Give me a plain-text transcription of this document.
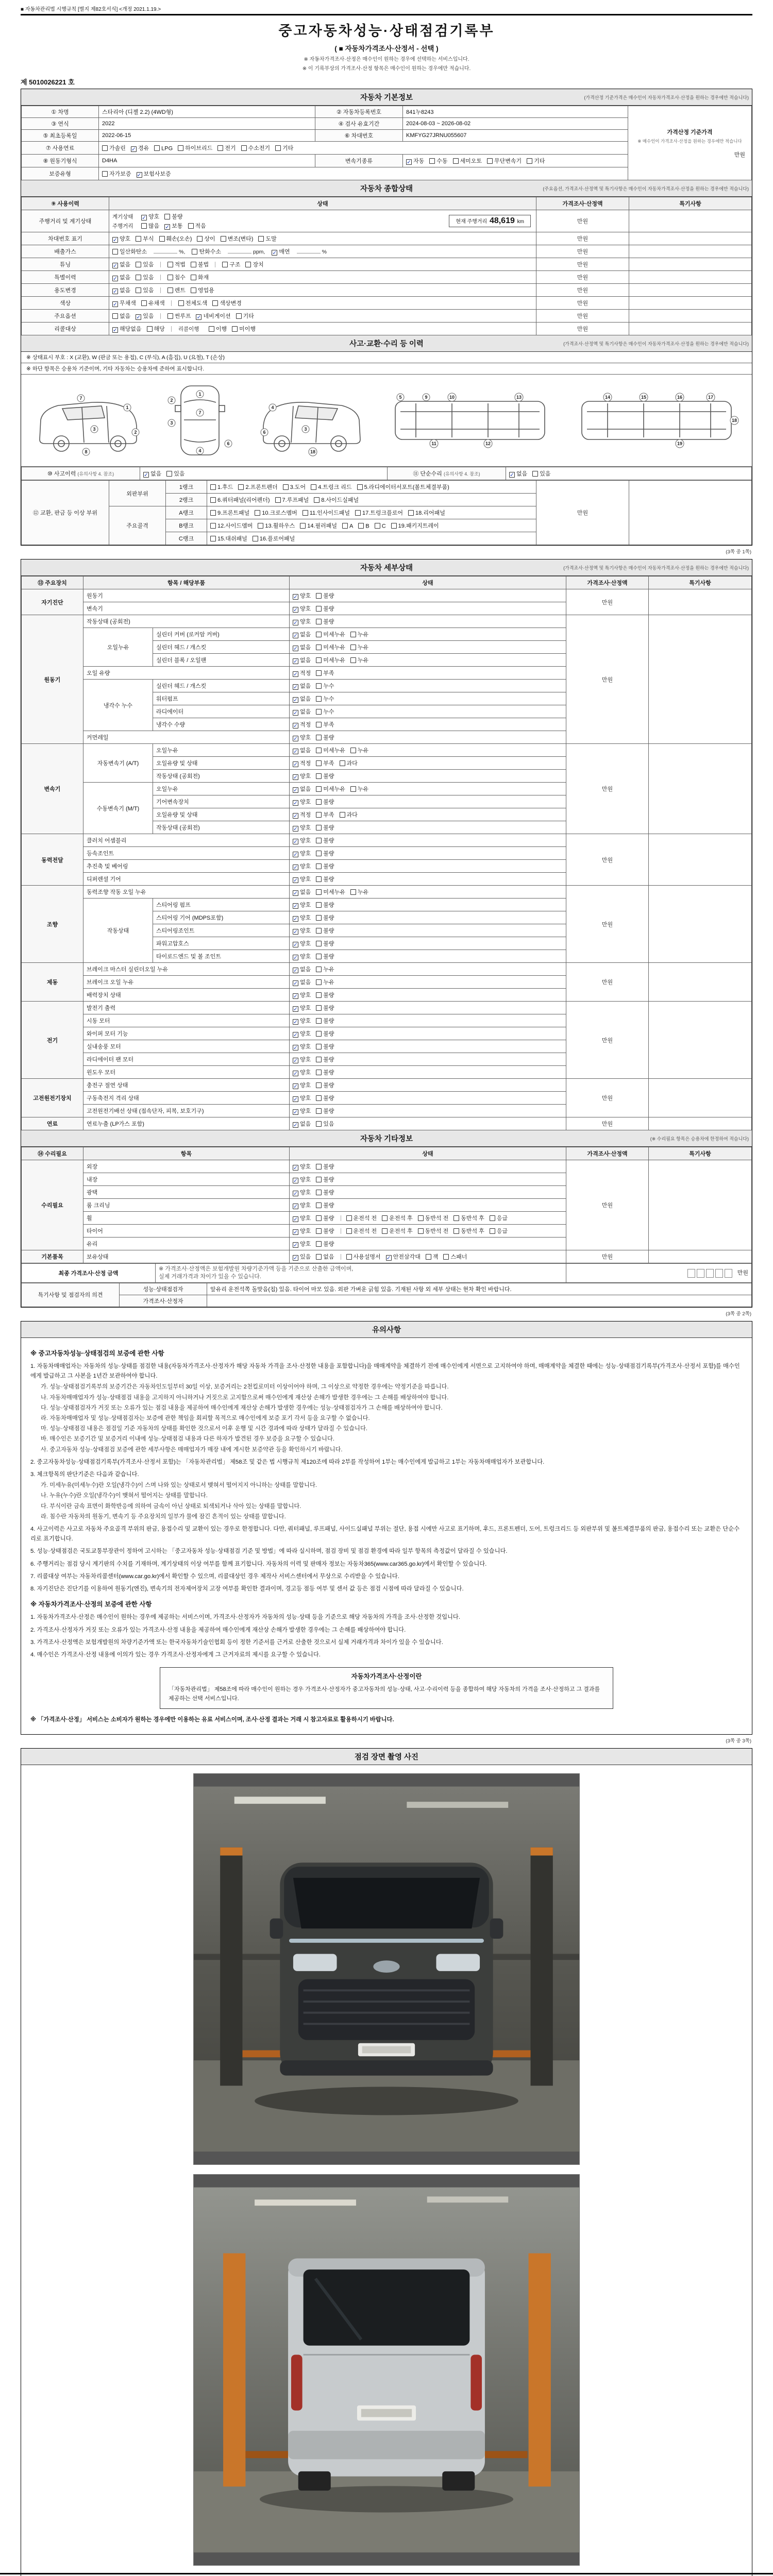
■ 자동차관리법 시행규칙 [별지 제82호서식] <개정 2021.1.19.>
중고자동차성능·상태점검기록부
( ■ 자동차가격조사·산정서 - 선택 )
※ 자동차가격조사·산정은 매수인이 원하는 경우에 선택하는 서비스입니다.
※ 이 기록부상의 가격조사·산정 항목은 매수인이 원하는 경우에만 적습니다.
제 5010026221 호
자동차 기본정보	(가격산정 기준가격은 매수인이 자동차가격조사·산정을 원하는 경우에만 적습니다)
① 차명	스타리아 (디젤 2.2) (4WD형)	② 자동차등록번호	841누8243	가격산정 기준가격
※ 매수인이 가격조사·산정을 원하는 경우에만 적습니다
만원

③ 연식	2022	④ 검사 유효기간	2024-08-03 ~ 2026-08-02	
⑤ 최초등록일	2022-06-15	⑥ 차대번호	KMFYG27JRNU055607	
⑦ 사용연료	가솔린 ✓ 경유 LPG 하이브리드 전기 수소전기 기타			
⑧ 원동기형식	D4HA	변속기종류	✓ 자동 수동 세미오토 무단변속기 기타	
보증유형	자가보증 ✓ 보험사보증			
자동차 종합상태	(주요옵션, 가격조사·산정액 및 특기사항은 매수인이 자동차가격조사·산정을 원하는 경우에만 적습니다)
⑨ 사용이력	상태	가격조사·산정액	특기사항
주행거리 및 계기상태	계기상태 ✓ 양호 불량
주행거리 많음 ✓ 보통 적음
현재 주행거리 48,619 km	만원	
차대번호 표기	✓ 양호 부식 훼손(오손) 상이 변조(변타) 도말	만원	
배출가스	일산화탄소 %, 탄화수소 ppm, ✓ 매연 %	만원	
튜닝	✓ 없음 있음 적법 불법 구조 장치	만원	
특별이력	✓ 없음 있음 침수 화재	만원	
용도변경	✓ 없음 있음 렌트 영업용	만원	
색상	✓ 무채색 유채색 전체도색 색상변경	만원	
주요옵션	없음 ✓ 있음 썬루프 ✓ 네비게이션 기타	만원	
리콜대상	✓ 해당없음 해당 리콜이행 이행 미이행	만원	
사고·교환·수리 등 이력	(가격조사·산정액 및 특기사항은 매수인이 자동차가격조사·산정을 원하는 경우에만 적습니다)
※ 상태표시 부호 : X (교환), W (판금 또는 용접), C (부식), A (흠집), U (요철), T (손상)
※ 하단 항목은 승용차 기준이며, 기타 자동차는 승용차에 준하여 표시합니다.
1
2
3
7
8
1
2
3
4
6
7
4
6
3
18
5	9	10
11	12
13	14	15	16	17
18
19
⑩ 사고이력 (유의사항 4. 참조)	✓ 없음 있음	⑪ 단순수리 (유의사항 4. 참조)	✓ 없음 있음
⑫ 교환, 판금 등 이상 부위	외판부위	1랭크	1.후드 2.프론트펜더 3.도어 4.트렁크 리드 5.라디에이터서포트(볼트체결부품)	만원	
		2랭크	6.쿼터패널(리어펜더) 7.루프패널 8.사이드실패널		
	주요골격	A랭크	9.프론트패널 10.크로스멤버 11.인사이드패널 17.트렁크플로어 18.리어패널		
		B랭크	12.사이드멤버 13.휠하우스 14.필러패널 A B C 19.패키지트레이		
		C랭크	15.대쉬패널 16.플로어패널		
(3쪽 중 1쪽)
자동차 세부상태	(가격조사·산정액 및 특기사항은 매수인이 자동차가격조사·산정을 원하는 경우에만 적습니다)
⑬ 주요장치	항목 / 해당부품		상태	가격조사·산정액	특기사항
자기진단	원동기		✓ 양호 불량	만원	
	변속기		✓ 양호 불량		
원동기	작동상태 (공회전)		✓ 양호 불량	만원	
	오일누유	실린더 커버 (로커암 커버)	✓ 없음 미세누유 누유		
		실린더 헤드 / 개스킷	✓ 없음 미세누유 누유		
		실린더 블록 / 오일팬	✓ 없음 미세누유 누유		
	오일 유량		✓ 적정 부족		
	냉각수 누수	실린더 헤드 / 개스킷	✓ 없음 누수		
		워터펌프	✓ 없음 누수		
		라디에이터	✓ 없음 누수		
		냉각수 수량	✓ 적정 부족		
	커먼레일		✓ 양호 불량		
변속기	자동변속기 (A/T)	오일누유	✓ 없음 미세누유 누유	만원	
		오일유량 및 상태	✓ 적정 부족 과다		
		작동상태 (공회전)	✓ 양호 불량		
	수동변속기 (M/T)	오일누유	✓ 없음 미세누유 누유		
		기어변속장치	✓ 양호 불량		
		오일유량 및 상태	✓ 적정 부족 과다		
		작동상태 (공회전)	✓ 양호 불량		
동력전달	클러치 어셈블리		✓ 양호 불량	만원	
	등속조인트		✓ 양호 불량		
	추진축 및 베어링		✓ 양호 불량		
	디퍼렌셜 기어		✓ 양호 불량		
조향	동력조향 작동 오일 누유		✓ 없음 미세누유 누유	만원	
	작동상태	스티어링 펌프	✓ 양호 불량		
		스티어링 기어 (MDPS포함)	✓ 양호 불량		
		스티어링조인트	✓ 양호 불량		
		파워고압호스	✓ 양호 불량		
		타이로드엔드 및 볼 조인트	✓ 양호 불량		
제동	브레이크 마스터 실린더오일 누유		✓ 없음 누유	만원	
	브레이크 오일 누유		✓ 없음 누유		
	배력장치 상태		✓ 양호 불량		
전기	발전기 출력		✓ 양호 불량	만원	
	시동 모터		✓ 양호 불량		
	와이퍼 모터 기능		✓ 양호 불량		
	실내송풍 모터		✓ 양호 불량		
	라디에이터 팬 모터		✓ 양호 불량		
	윈도우 모터		✓ 양호 불량		
고전원전기장치	충전구 절연 상태		✓ 양호 불량	만원	
	구동축전지 격리 상태		✓ 양호 불량		
	고전원전기배선 상태 (접속단자, 피복, 보호기구)		✓ 양호 불량		
연료	연료누출 (LP가스 포함)		✓ 없음 있음	만원	
자동차 기타정보	(※ 수리필요 항목은 승용차에 한정하여 적습니다)
⑭ 수리필요	항목	상태	가격조사·산정액	특기사항
수리필요	외장	✓ 양호 불량	만원	
	내장	✓ 양호 불량		
	광택	✓ 양호 불량		
	룸 크리닝	✓ 양호 불량		
	휠	✓ 양호 불량 운전석 전 운전석 후 동반석 전 동반석 후 응급		
	타이어	✓ 양호 불량 운전석 전 운전석 후 동반석 전 동반석 후 응급		
	유리	✓ 양호 불량		
기본품목	보유상태	✓ 있음 없음 사용설명서 ✓ 안전삼각대 잭 스패너	만원	
최종 가격조사·산정 금액	
※ 가격조사·산정액은 보험개발원 차량기준가액 등을 기준으로 산출한 금액이며,
실제 거래가격과 차이가 있을 수 있습니다.
	만원
특기사항 및 점검자의 의견	성능·상태점검자	앞유리 운전석쪽 돌맞음(칩) 있음. 타이어 마모 있음. 외판 가벼운 긁힘 있음. 기재된 사항 외 세부 상태는 현차 확인 바랍니다.
	가격조사·산정자	
(3쪽 중 2쪽)
유의사항
※ 중고자동차성능·상태점검의 보증에 관한 사항
1. 자동차매매업자는 자동차의 성능·상태를 점검한 내용(자동차가격조사·산정자가 해당 자동차 가격을 조사·산정한 내용을 포함합니다)을 매매계약을 체결하기 전에 매수인에게 서면으로 고지하여야 하며, 매매계약을 체결한 때에는 성능·상태점검기록부(가격조사·산정서 포함)를 매수인에게 발급하고 그 사본을 1년간 보관하여야 합니다.
가. 성능·상태점검기록부의 보증기간은 자동차인도일부터 30일 이상, 보증거리는 2천킬로미터 이상이어야 하며, 그 이상으로 약정한 경우에는 약정기준을 따릅니다.
나. 자동차매매업자가 성능·상태점검 내용을 고지하지 아니하거나 거짓으로 고지함으로써 매수인에게 재산상 손해가 발생한 경우에는 그 손해를 배상하여야 합니다.
다. 성능·상태점검자가 거짓 또는 오류가 있는 점검 내용을 제공하여 매수인에게 재산상 손해가 발생한 경우에는 성능·상태점검자가 그 손해를 배상하여야 합니다.
라. 자동차매매업자 및 성능·상태점검자는 보증에 관한 책임을 회피할 목적으로 매수인에게 보증 포기 각서 등을 요구할 수 없습니다.
마. 성능·상태점검 내용은 점검일 기준 자동차의 상태를 확인한 것으로서 이후 운행 및 시간 경과에 따라 상태가 달라질 수 있습니다.
바. 매수인은 보증기간 및 보증거리 이내에 성능·상태점검 내용과 다른 하자가 발견된 경우 보증을 요구할 수 있습니다.
사. 중고자동차 성능·상태점검 보증에 관한 세부사항은 매매업자가 매장 내에 게시한 보증약관 등을 확인하시기 바랍니다.
2. 중고자동차성능·상태점검기록부(가격조사·산정서 포함)는 「자동차관리법」 제58조 및 같은 법 시행규칙 제120조에 따라 2부를 작성하여 1부는 매수인에게 발급하고 1부는 자동차매매업자가 보관합니다.
3. 체크항목의 판단기준은 다음과 같습니다.
가. 미세누유(미세누수)란 오일(냉각수)이 스며 나와 있는 상태로서 맺혀서 떨어지지 아니하는 상태를 말합니다.
나. 누유(누수)란 오일(냉각수)이 맺혀서 떨어지는 상태를 말합니다.
다. 부식이란 금속 표면이 화학반응에 의하여 금속이 아닌 상태로 퇴색되거나 삭아 있는 상태를 말합니다.
라. 침수란 자동차의 원동기, 변속기 등 주요장치의 일부가 물에 잠긴 흔적이 있는 상태를 말합니다.
4. 사고이력은 사고로 자동차 주요골격 부위의 판금, 용접수리 및 교환이 있는 경우로 한정합니다. 다만, 쿼터패널, 루프패널, 사이드실패널 부위는 절단, 용접 시에만 사고로 표기하며, 후드, 프론트펜더, 도어, 트렁크리드 등 외판부위 및 볼트체결부품의 판금, 용접수리 또는 교환은 단순수리로 표기합니다.
5. 성능·상태점검은 국토교통부장관이 정하여 고시하는 「중고자동차 성능·상태점검 기준 및 방법」에 따라 실시하며, 점검 장비 및 점검 환경에 따라 일부 항목의 측정값이 달라질 수 있습니다.
6. 주행거리는 점검 당시 계기판의 수치를 기재하며, 계기상태의 이상 여부를 함께 표기합니다. 자동차의 이력 및 판매자 정보는 자동차365(www.car365.go.kr)에서 확인할 수 있습니다.
7. 리콜대상 여부는 자동차리콜센터(www.car.go.kr)에서 확인할 수 있으며, 리콜대상인 경우 제작사 서비스센터에서 무상으로 수리받을 수 있습니다.
8. 자기진단은 진단기를 이용하여 원동기(엔진), 변속기의 전자제어장치 고장 여부를 확인한 결과이며, 경고등 점등 여부 및 센서 값 등은 점검 시점에 따라 달라질 수 있습니다.
※ 자동차가격조사·산정의 보증에 관한 사항
1. 자동차가격조사·산정은 매수인이 원하는 경우에 제공하는 서비스이며, 가격조사·산정자가 자동차의 성능·상태 등을 기준으로 해당 자동차의 가격을 조사·산정한 것입니다.
2. 가격조사·산정자가 거짓 또는 오류가 있는 가격조사·산정 내용을 제공하여 매수인에게 재산상 손해가 발생한 경우에는 그 손해를 배상하여야 합니다.
3. 가격조사·산정액은 보험개발원의 차량기준가액 또는 한국자동차기술인협회 등이 정한 기준서를 근거로 산출한 것으로서 실제 거래가격과 차이가 있을 수 있습니다.
4. 매수인은 가격조사·산정 내용에 이의가 있는 경우 가격조사·산정자에게 그 근거자료의 제시를 요구할 수 있습니다.
자동차가격조사·산정이란
「자동차관리법」 제58조에 따라 매수인이 원하는 경우 가격조사·산정자가 중고자동차의 성능·상태, 사고·수리이력 등을 종합하여 해당 자동차의 가격을 조사·산정하고 그 결과를 제공하는 선택 서비스입니다.
※ 「가격조사·산정」 서비스는 소비자가 원하는 경우에만 이용하는 유료 서비스이며, 조사·산정 결과는 거래 시 참고자료로 활용하시기 바랍니다.
(3쪽 중 3쪽)
점검 장면 촬영 사진
